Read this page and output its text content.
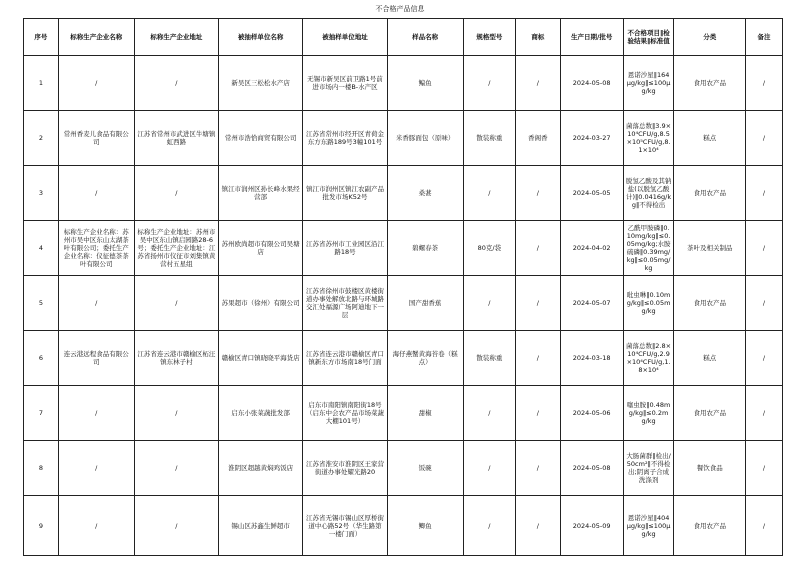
不合格产品信息
序号	标称生产企业名称	标称生产企业地址	被抽样单位名称	被抽样单位地址	样品名称	规格型号	商标	生产日期/批号	不合格项目‖检验结果‖标准值	分类	备注

1	/	/	新吴区三松松水产店	无锡市新吴区前卫路1号前进市场内一楼B-水产区	鳊鱼	/	/	2024-05-08	恩诺沙星‖164μg/kg‖≤100μg/kg	食用农产品	/

2	常州香麦儿食品有限公司	江苏省常州市武进区牛塘镇虹西路	常州市浩恰商贸有限公司	江苏省常州市经开区青荷金东方东路189号3幢101号	米香豚面包（原味）	散装称重	香阁香	2024-03-27	菌落总数‖3.9×10⁴CFU/g,8.5×10⁵CFU/g,8.1×10⁴	糕点	/

3	/	/	镇江市润州区孙长峰水果经营部	镇江市润州区镇江农副产品批发市场K52号	桑葚	/	/	2024-05-05	脱氢乙酸及其钠盐(以脱氢乙酸计)‖0.0416g/kg‖不得检出	食用农产品	/

4	标称生产企业名称：苏州市吴中区东山太湖茶叶有限公司；委托生产企业名称：仪征德茶茶叶有限公司	标称生产企业地址：苏州市吴中区东山镇启园路28-6号；委托生产企业地址：江苏省扬州市仪征市刘集镇黄营村五星组	苏州欧尚超市有限公司吴塘店	江苏省苏州市工业园区沿江路18号	碧螺春茶	80克/袋	/	2024-04-02	乙酰甲胺磷‖0.10mg/kg‖≤0.05mg/kg;水胺硫磷‖0.39mg/kg‖≤0.05mg/kg	茶叶及相关制品	/

5	/	/	苏果超市（徐州）有限公司	江苏省徐州市鼓楼区黄楼街道办事处解放北路与环城路交汇处福源广场阿迪地下一层	国产甜香蕉	/	/	2024-05-07	吡虫啉‖0.10mg/kg‖≤0.05mg/kg	食用农产品	/

6	连云港远程食品有限公司	江苏省连云港市赣榆区柘汪镇东林子村	赣榆区青口镇晓晓平海货店	江苏省连云港市赣榆区青口镇新东方市场南18号门面	海仔燕蟹黄海苔卷（糕点）	散装称重	/	2024-03-18	菌落总数‖2.8×10⁴CFU/g,2.9×10⁴CFU/g,1.8×10⁴	糕点	/

7	/	/	启东小张菜蔬批发部	启东市南阳镇南阳街18号（启东中会农产品市场菜蔬大棚101号）	甜椒	/	/	2024-05-06	噻虫胺‖0.48mg/kg‖≤0.2mg/kg	食用农产品	/

8	/	/	淮阴区超越黄焖鸡饭店	江苏省淮安市淮阴区王家营街道办事处耀光路20	饭碗	/	/	2024-05-08	大肠菌群‖检出/50cm²‖不得检出;阴离子合成洗涤剂	餐饮食品	/

9	/	/	锡山区苏鑫生鲜超市	江苏省无锡市锡山区厚桥街道中心路52号（华生路第一楼门面）	鲫鱼	/	/	2024-05-09	恩诺沙星‖404μg/kg‖≤100μg/kg	食用农产品	/
